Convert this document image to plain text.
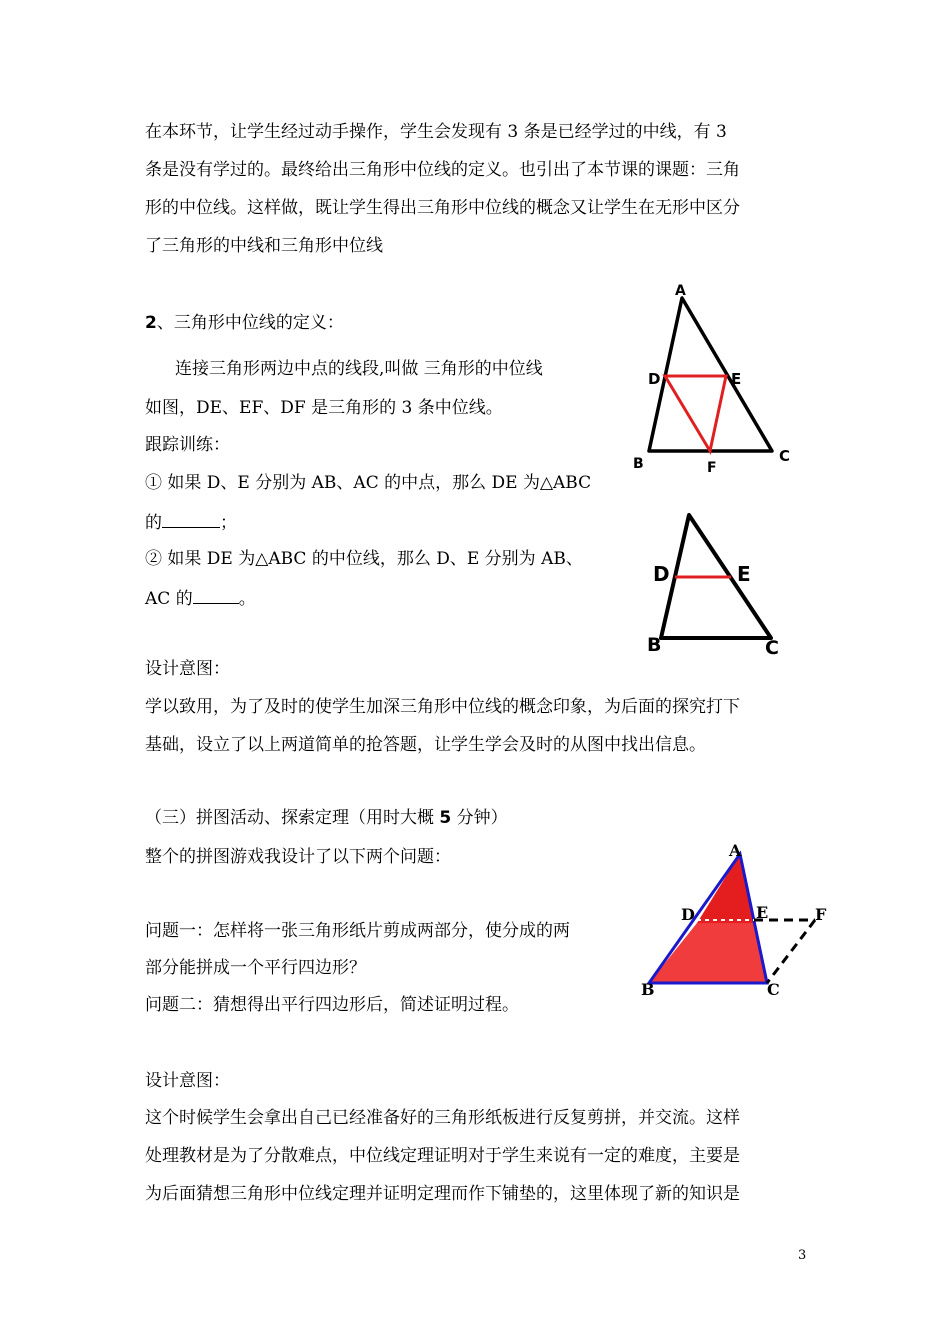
在本环节，让学生经过动手操作，学生会发现有 3 条是已经学过的中线，有 3
条是没有学过的。最终给出三角形中位线的定义。也引出了本节课的课题：三角
形的中位线。这样做，既让学生得出三角形中位线的概念又让学生在无形中区分
了三角形的中线和三角形中位线
2、三角形中位线的定义：
连接三角形两边中点的线段,叫做 三角形的中位线
如图，DE、EF、DF 是三角形的 3 条中位线。
跟踪训练：
① 如果 D、E 分别为 AB、AC 的中点，那么 DE 为△ABC
的	；
② 如果 DE 为△ABC 的中位线，那么 D、E 分别为 AB、
AC 的	。
设计意图：
学以致用，为了及时的使学生加深三角形中位线的概念印象，为后面的探究打下
基础，设立了以上两道简单的抢答题，让学生学会及时的从图中找出信息。
（三）拼图活动、探索定理（用时大概 5 分钟）
整个的拼图游戏我设计了以下两个问题：
问题一：怎样将一张三角形纸片剪成两部分，使分成的两
部分能拼成一个平行四边形？
问题二：猜想得出平行四边形后，简述证明过程。
设计意图：
这个时候学生会拿出自己已经准备好的三角形纸板进行反复剪拼，并交流。这样
处理教材是为了分散难点，中位线定理证明对于学生来说有一定的难度，主要是
为后面猜想三角形中位线定理并证明定理而作下铺垫的，这里体现了新的知识是
A
D	E
B	F
C
D	E
B	C
A
D	E	F
B	C
3
